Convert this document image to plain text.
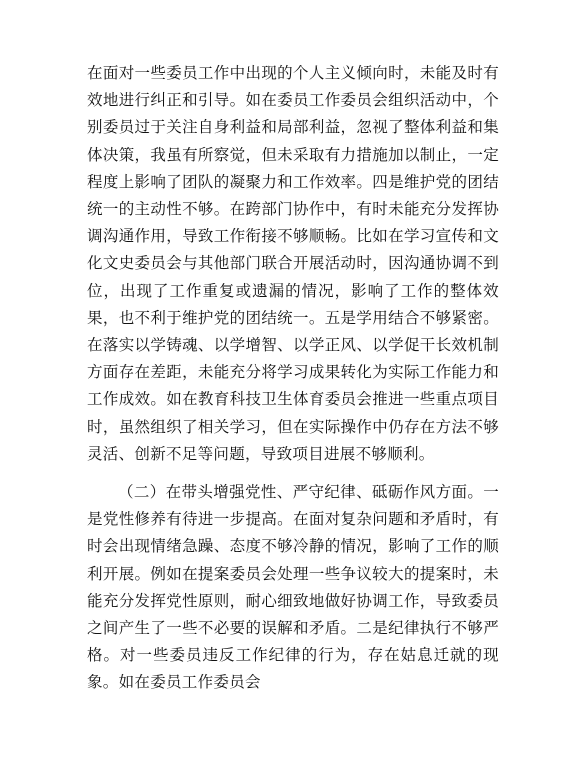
在面对一些委员工作中出现的个人主义倾向时，未能及时有效地进行纠正和引导。如在委员工作委员会组织活动中，个别委员过于关注自身利益和局部利益，忽视了整体利益和集体决策，我虽有所察觉，但未采取有力措施加以制止，一定程度上影响了团队的凝聚力和工作效率。四是维护党的团结统一的主动性不够。在跨部门协作中，有时未能充分发挥协调沟通作用，导致工作衔接不够顺畅。比如在学习宣传和文化文史委员会与其他部门联合开展活动时，因沟通协调不到位，出现了工作重复或遗漏的情况，影响了工作的整体效果，也不利于维护党的团结统一。五是学用结合不够紧密。在落实以学铸魂、以学增智、以学正风、以学促干长效机制方面存在差距，未能充分将学习成果转化为实际工作能力和工作成效。如在教育科技卫生体育委员会推进一些重点项目时，虽然组织了相关学习，但在实际操作中仍存在方法不够灵活、创新不足等问题，导致项目进展不够顺利。

（二）在带头增强党性、严守纪律、砥砺作风方面。一是党性修养有待进一步提高。在面对复杂问题和矛盾时，有时会出现情绪急躁、态度不够冷静的情况，影响了工作的顺利开展。例如在提案委员会处理一些争议较大的提案时，未能充分发挥党性原则，耐心细致地做好协调工作，导致委员之间产生了一些不必要的误解和矛盾。二是纪律执行不够严格。对一些委员违反工作纪律的行为，存在姑息迁就的现象。如在委员工作委员会
